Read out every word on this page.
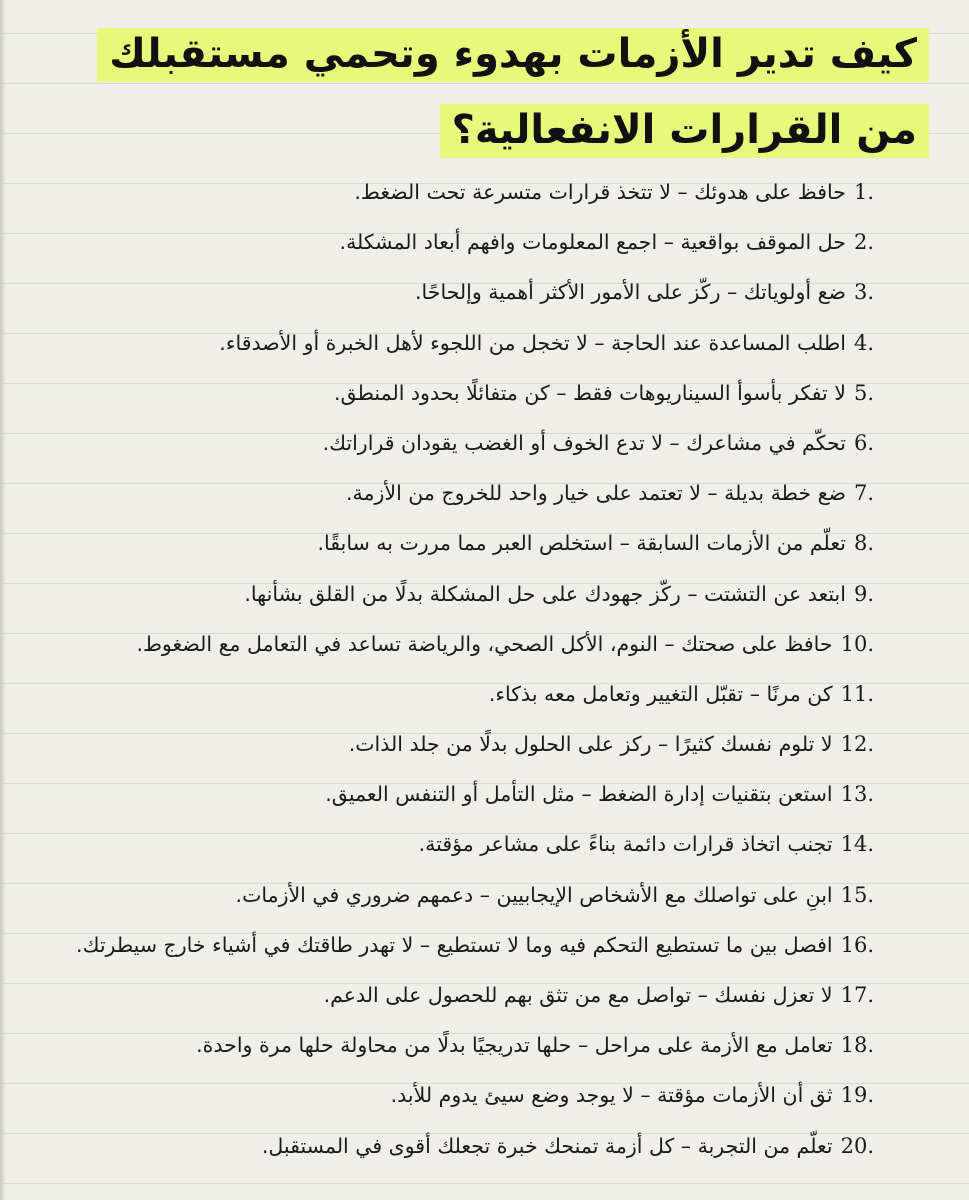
كيف تدير الأزمات بهدوء وتحمي مستقبلك
من القرارات الانفعالية؟
1.
حافظ على هدوئك – لا تتخذ قرارات متسرعة تحت الضغط.
2.
حل الموقف بواقعية – اجمع المعلومات وافهم أبعاد المشكلة.
3.
ضع أولوياتك – ركّز على الأمور الأكثر أهمية وإلحاحًا.
4.
اطلب المساعدة عند الحاجة – لا تخجل من اللجوء لأهل الخبرة أو الأصدقاء.
5.
لا تفكر بأسوأ السيناريوهات فقط – كن متفائلًا بحدود المنطق.
6.
تحكّم في مشاعرك – لا تدع الخوف أو الغضب يقودان قراراتك.
7.
ضع خطة بديلة – لا تعتمد على خيار واحد للخروج من الأزمة.
8.
تعلّم من الأزمات السابقة – استخلص العبر مما مررت به سابقًا.
9.
ابتعد عن التشتت – ركّز جهودك على حل المشكلة بدلًا من القلق بشأنها.
10.
حافظ على صحتك – النوم، الأكل الصحي، والرياضة تساعد في التعامل مع الضغوط.
11.
كن مرنًا – تقبّل التغيير وتعامل معه بذكاء.
12.
لا تلوم نفسك كثيرًا – ركز على الحلول بدلًا من جلد الذات.
13.
استعن بتقنيات إدارة الضغط – مثل التأمل أو التنفس العميق.
14.
تجنب اتخاذ قرارات دائمة بناءً على مشاعر مؤقتة.
15.
ابنِ على تواصلك مع الأشخاص الإيجابيين – دعمهم ضروري في الأزمات.
16.
افصل بين ما تستطيع التحكم فيه وما لا تستطيع – لا تهدر طاقتك في أشياء خارج سيطرتك.
17.
لا تعزل نفسك – تواصل مع من تثق بهم للحصول على الدعم.
18.
تعامل مع الأزمة على مراحل – حلها تدريجيًا بدلًا من محاولة حلها مرة واحدة.
19.
ثق أن الأزمات مؤقتة – لا يوجد وضع سيئ يدوم للأبد.
20.
تعلّم من التجربة – كل أزمة تمنحك خبرة تجعلك أقوى في المستقبل.
